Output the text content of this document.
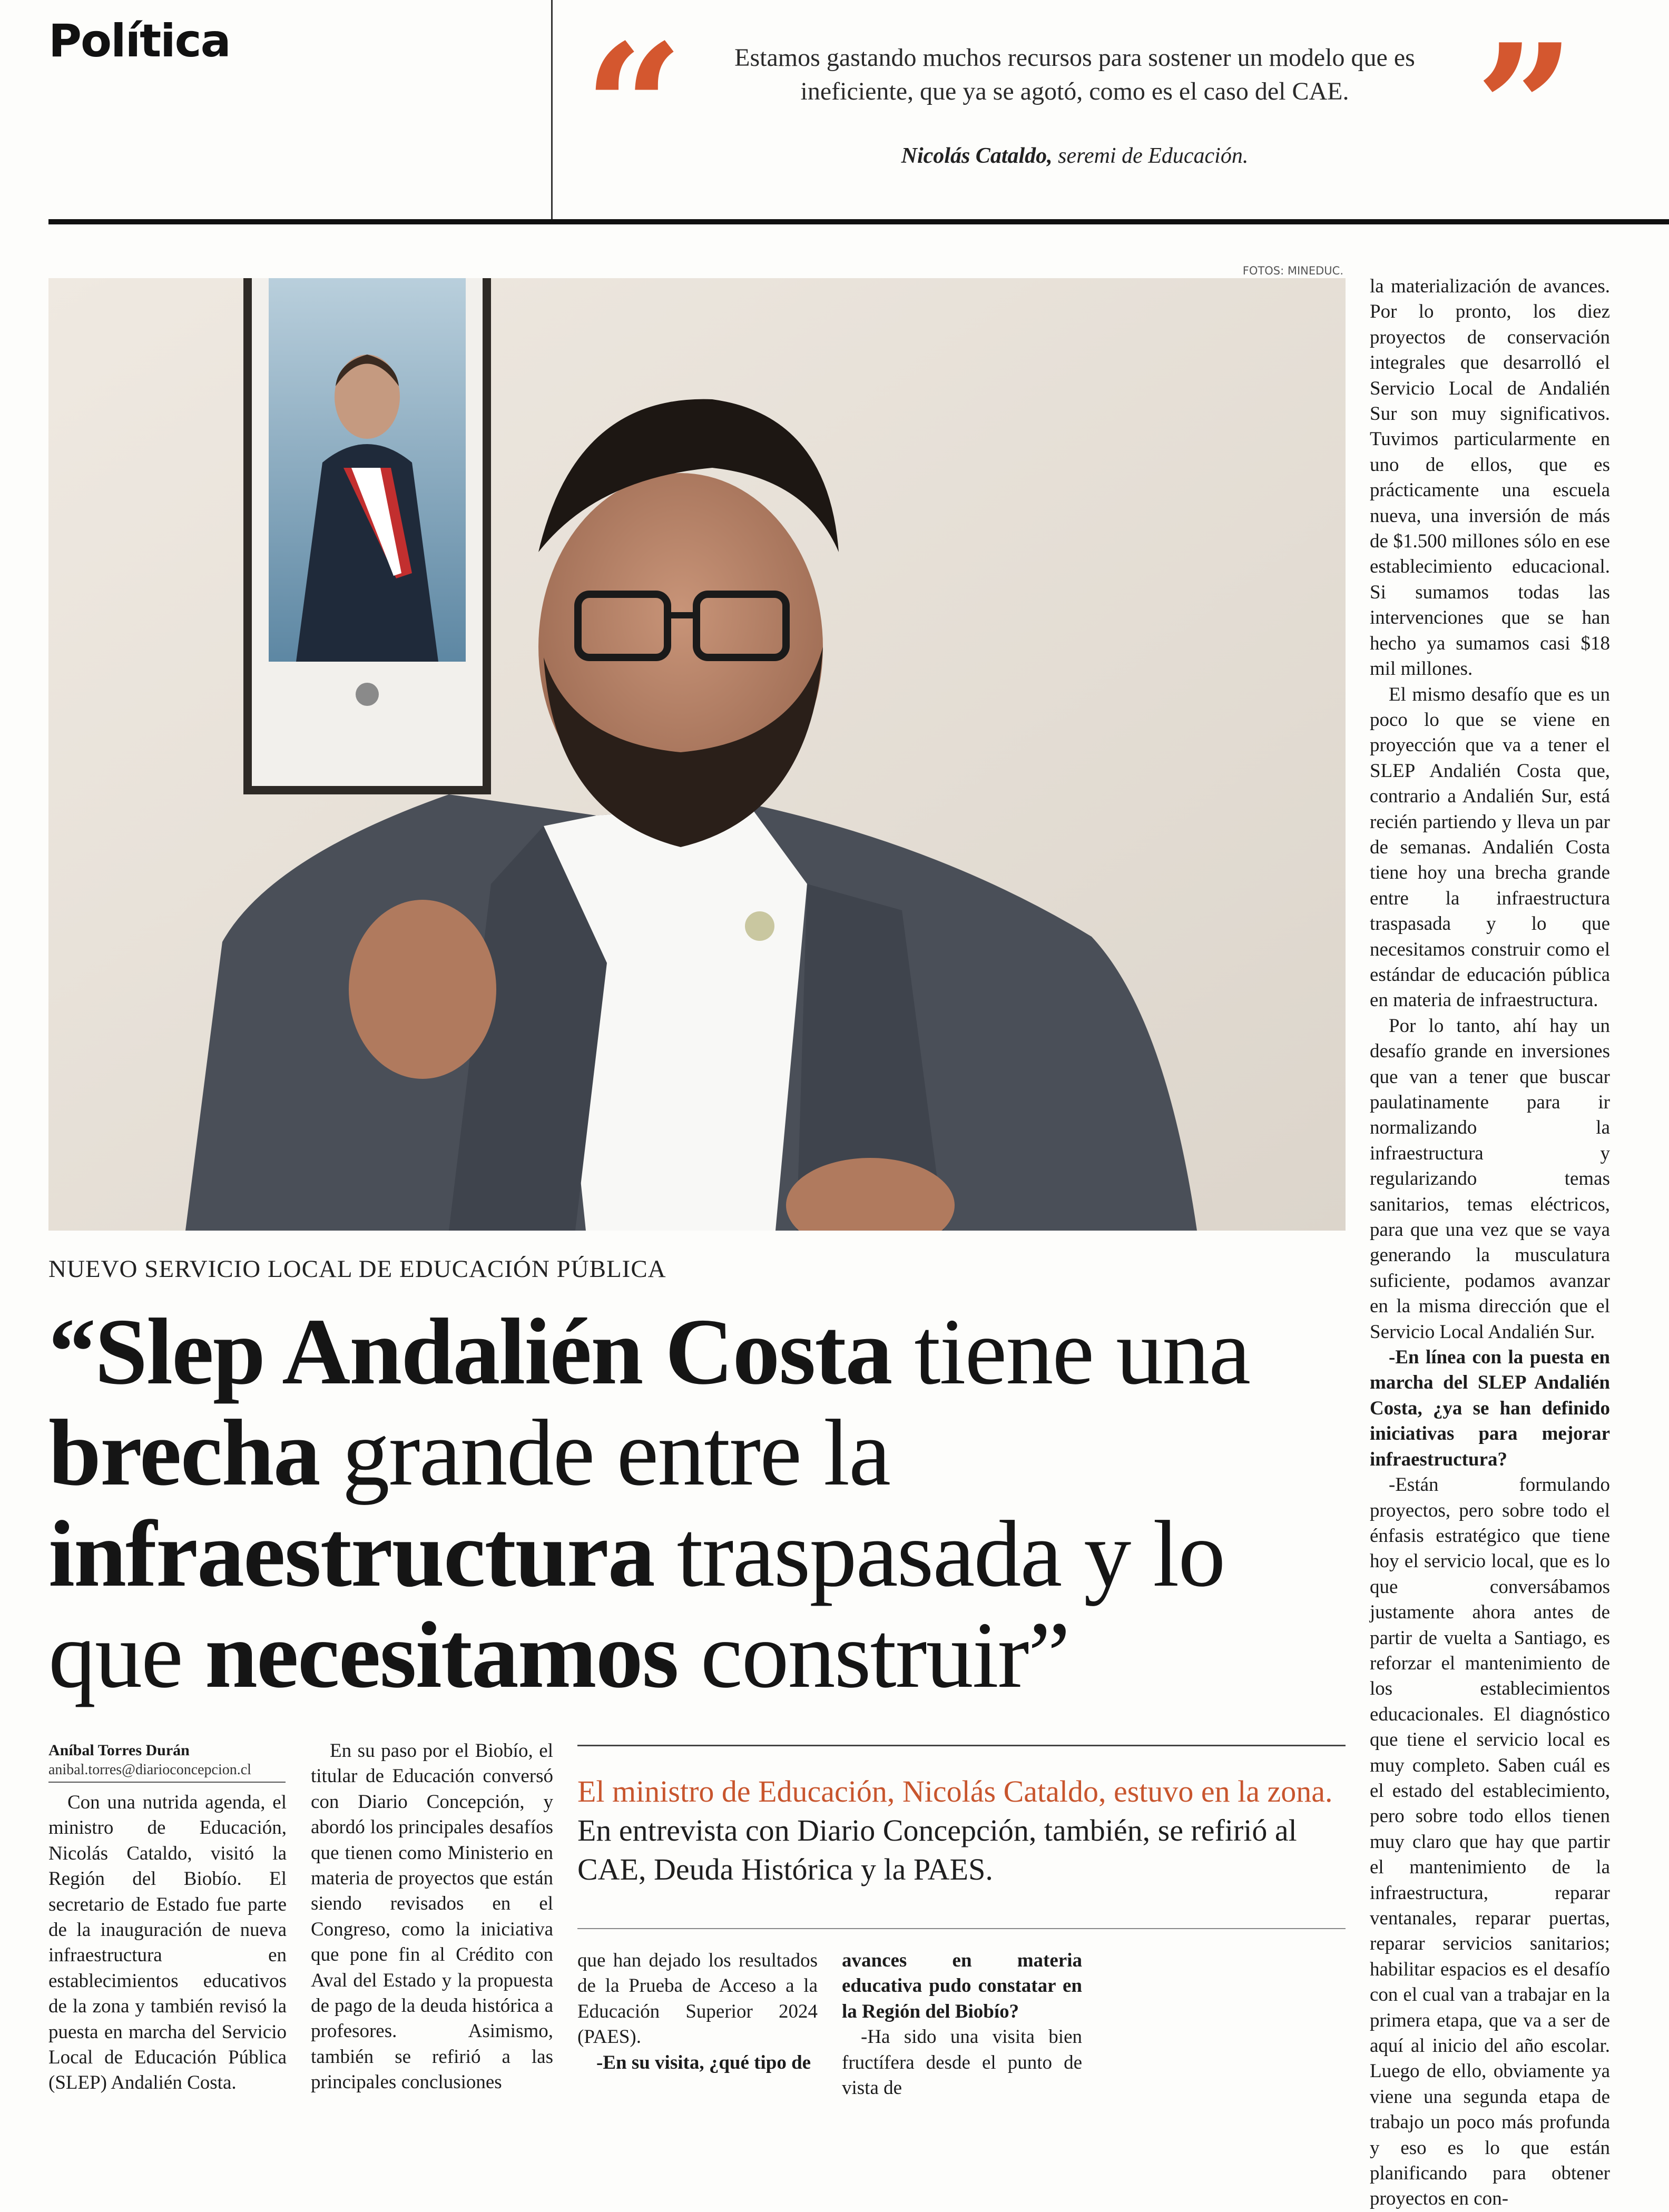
Política “	”
Estamos gastando muchos recursos para sostener un modelo que es ineficiente, que ya se agotó, como es el caso del CAE.
Nicolás Cataldo, seremi de Educación.
FOTOS: MINEDUC.
NUEVO SERVICIO LOCAL DE EDUCACIÓN PÚBLICA
“Slep Andalién Costa tiene una brecha grande entre la infraestructura traspasada y lo que necesitamos construir”
Aníbal Torres Durán
anibal.torres@diarioconcepcion.cl

Con una nutrida agenda, el ministro de Educación, Nicolás Cataldo, visitó la Región del Biobío. El secretario de Estado fue parte de la inauguración de nueva infraestructura en establecimientos educativos de la zona y también revisó la puesta en marcha del Servicio Local de Educación Pública (SLEP) Andalién Costa.

En su paso por el Biobío, el titular de Educación conversó con Diario Concepción, y abordó los principales desafíos que tienen como Ministerio en materia de proyectos que están siendo revisados en el Congreso, como la iniciativa que pone fin al Crédito con Aval del Estado y la propuesta de pago de la deuda histórica a profesores. Asimismo, también se refirió a las principales conclusiones

El ministro de Educación, Nicolás Cataldo, estuvo en la zona. En entrevista con Diario Concepción, también, se refirió al CAE, Deuda Histórica y la PAES.

que han dejado los resultados de la Prueba de Acceso a la Educación Superior 2024 (PAES).

-En su visita, ¿qué tipo de

avances en materia educativa pudo constatar en la Región del Biobío?

-Ha sido una visita bien fructífera desde el punto de vista de

la materialización de avances. Por lo pronto, los diez proyectos de conservación integrales que desarrolló el Servicio Local de Andalién Sur son muy significativos. Tuvimos particularmente en uno de ellos, que es prácticamente una escuela nueva, una inversión de más de $1.500 millones sólo en ese establecimiento educacional. Si sumamos todas las intervenciones que se han hecho ya sumamos casi $18 mil millones.

El mismo desafío que es un poco lo que se viene en proyección que va a tener el SLEP Andalién Costa que, contrario a Andalién Sur, está recién partiendo y lleva un par de semanas. Andalién Costa tiene hoy una brecha grande entre la infraestructura traspasada y lo que necesitamos construir como el estándar de educación pública en materia de infraestructura.

Por lo tanto, ahí hay un desafío grande en inversiones que van a tener que buscar paulatinamente para ir normalizando la infraestructura y regularizando temas sanitarios, temas eléctricos, para que una vez que se vaya generando la musculatura suficiente, podamos avanzar en la misma dirección que el Servicio Local Andalién Sur.

-En línea con la puesta en marcha del SLEP Andalién Costa, ¿ya se han definido iniciativas para mejorar infraestructura?

-Están formulando proyectos, pero sobre todo el énfasis estratégico que tiene hoy el servicio local, que es lo que conversábamos justamente ahora antes de partir de vuelta a Santiago, es reforzar el mantenimiento de los establecimientos educacionales. El diagnóstico que tiene el servicio local es muy completo. Saben cuál es el estado del establecimiento, pero sobre todo ellos tienen muy claro que hay que partir el mantenimiento de la infraestructura, reparar ventanales, reparar puertas, reparar servicios sanitarios; habilitar espacios es el desafío con el cual van a trabajar en la primera etapa, que va a ser de aquí al inicio del año escolar. Luego de ello, obviamente ya viene una segunda etapa de trabajo un poco más profunda y eso es lo que están planificando para obtener proyectos en con-
